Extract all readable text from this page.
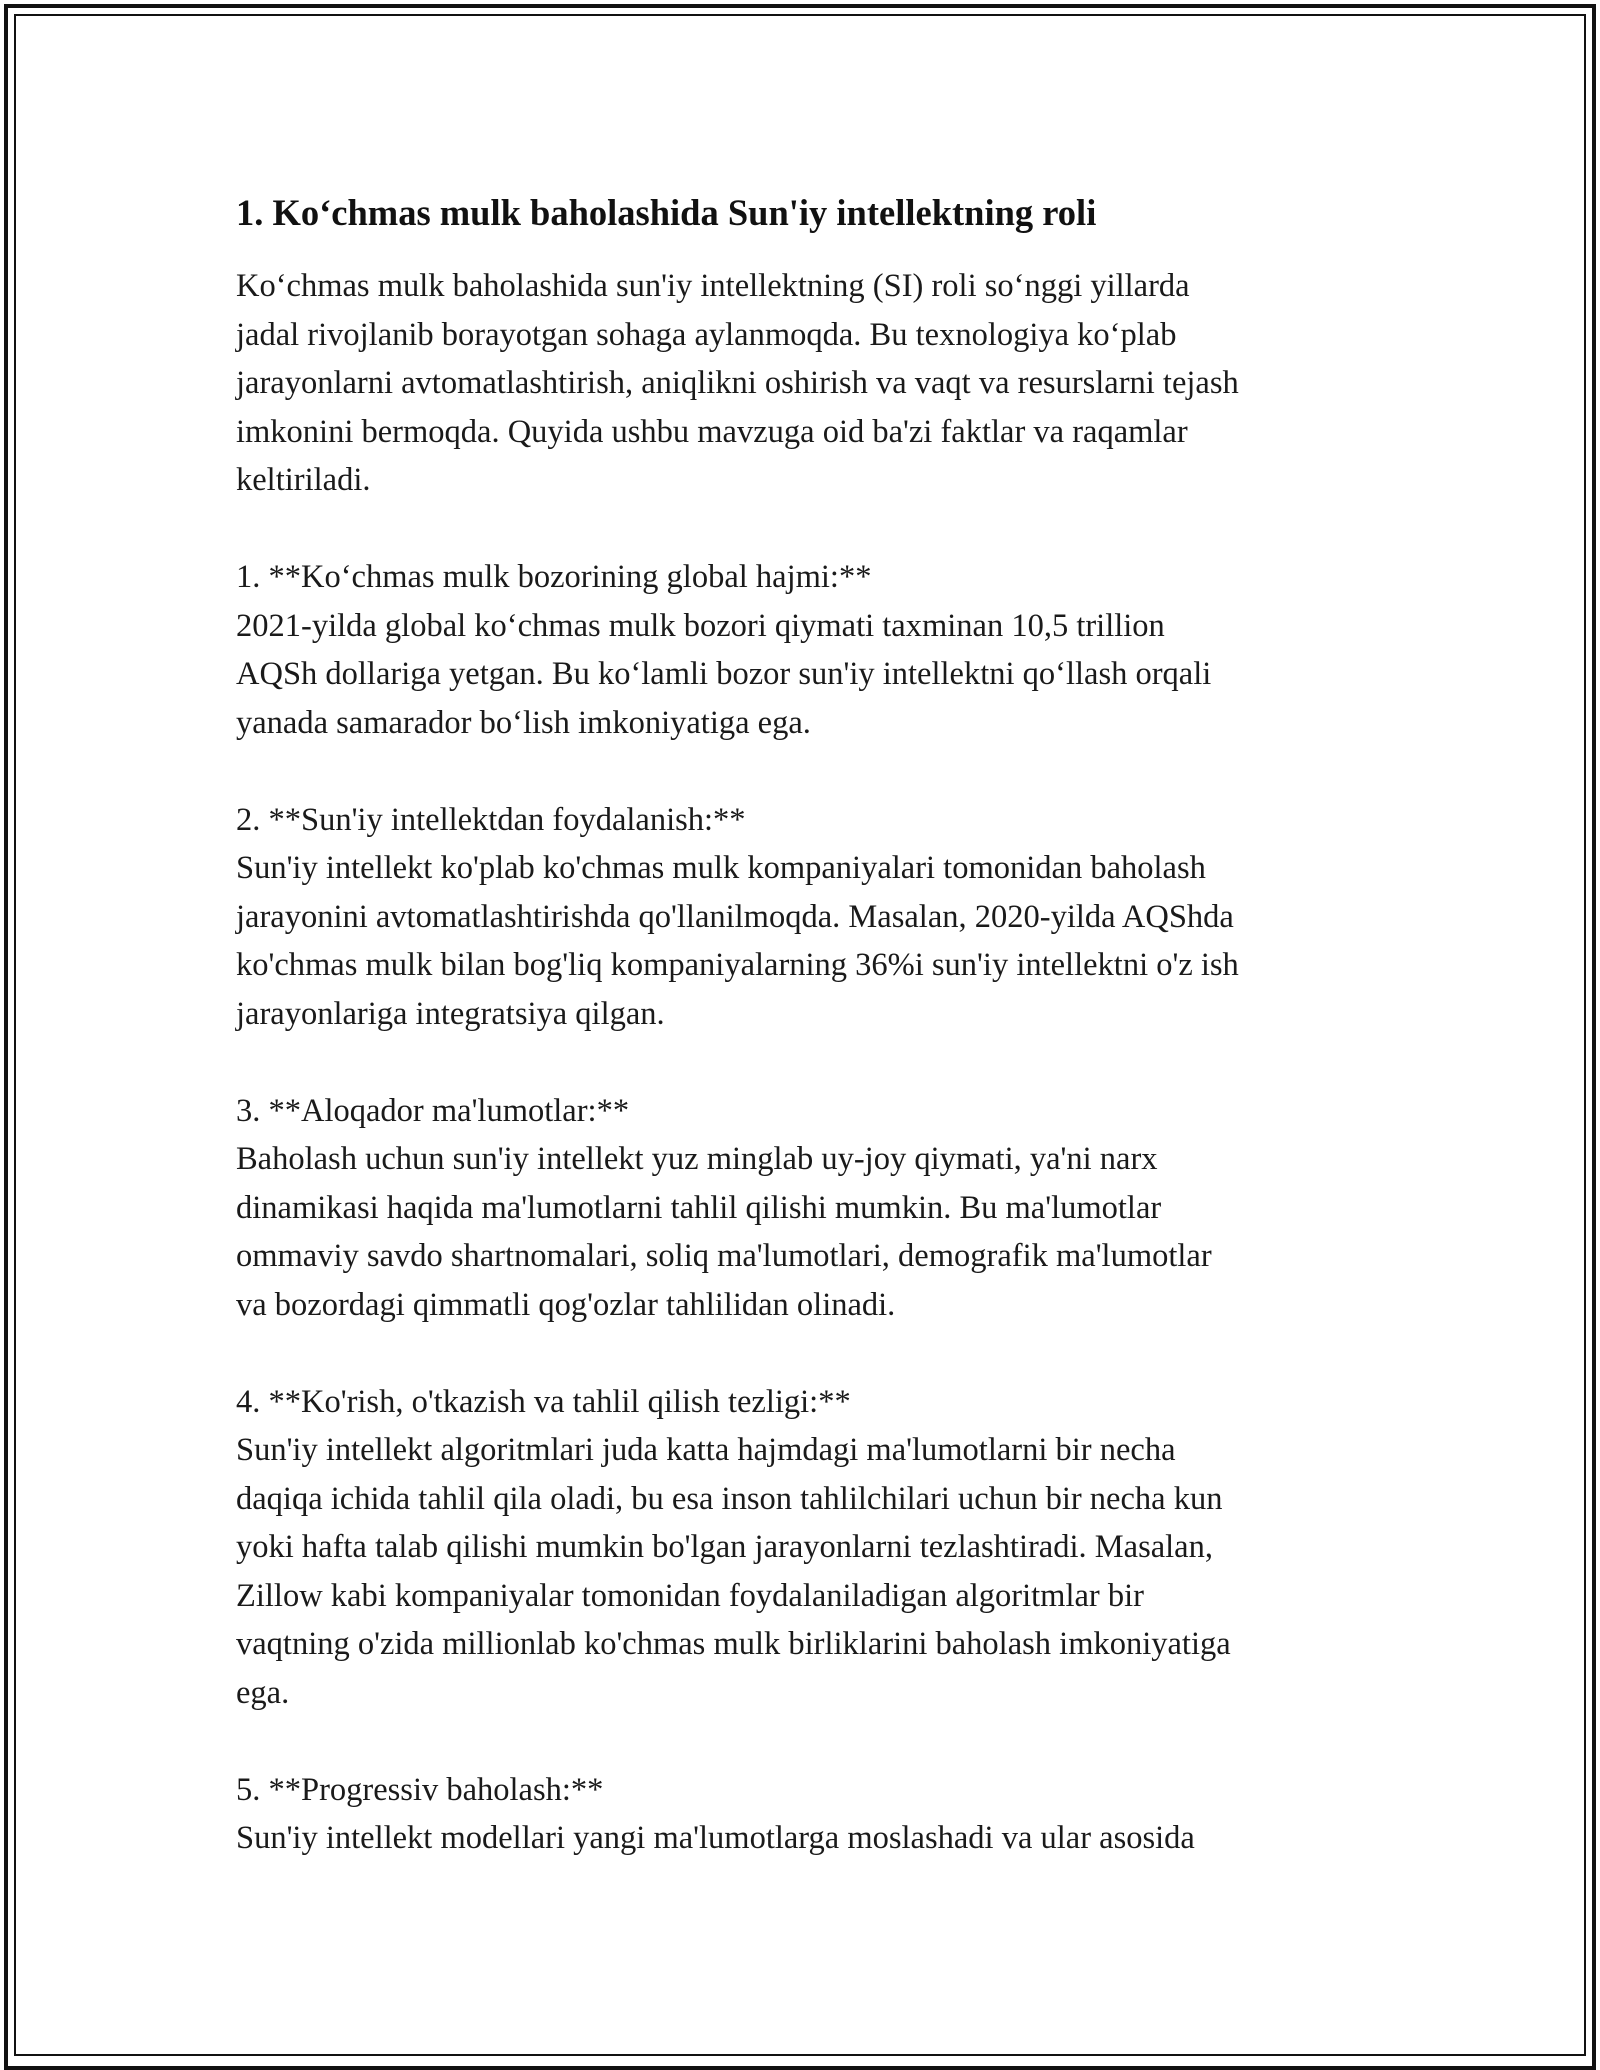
1. Ko‘chmas mulk baholashida Sun'iy intellektning roli

Ko‘chmas mulk baholashida sun'iy intellektning (SI) roli so‘nggi yillarda
jadal rivojlanib borayotgan sohaga aylanmoqda. Bu texnologiya ko‘plab
jarayonlarni avtomatlashtirish, aniqlikni oshirish va vaqt va resurslarni tejash
imkonini bermoqda. Quyida ushbu mavzuga oid ba'zi faktlar va raqamlar
keltiriladi.

1. **Ko‘chmas mulk bozorining global hajmi:**

2021-yilda global ko‘chmas mulk bozori qiymati taxminan 10,5 trillion
AQSh dollariga yetgan. Bu ko‘lamli bozor sun'iy intellektni qo‘llash orqali
yanada samarador bo‘lish imkoniyatiga ega.

2. **Sun'iy intellektdan foydalanish:**

Sun'iy intellekt ko'plab ko'chmas mulk kompaniyalari tomonidan baholash
jarayonini avtomatlashtirishda qo'llanilmoqda. Masalan, 2020-yilda AQShda
ko'chmas mulk bilan bog'liq kompaniyalarning 36%i sun'iy intellektni o'z ish
jarayonlariga integratsiya qilgan.

3. **Aloqador ma'lumotlar:**

Baholash uchun sun'iy intellekt yuz minglab uy-joy qiymati, ya'ni narx
dinamikasi haqida ma'lumotlarni tahlil qilishi mumkin. Bu ma'lumotlar
ommaviy savdo shartnomalari, soliq ma'lumotlari, demografik ma'lumotlar
va bozordagi qimmatli qog'ozlar tahlilidan olinadi.

4. **Ko'rish, o'tkazish va tahlil qilish tezligi:**

Sun'iy intellekt algoritmlari juda katta hajmdagi ma'lumotlarni bir necha
daqiqa ichida tahlil qila oladi, bu esa inson tahlilchilari uchun bir necha kun
yoki hafta talab qilishi mumkin bo'lgan jarayonlarni tezlashtiradi. Masalan,
Zillow kabi kompaniyalar tomonidan foydalaniladigan algoritmlar bir
vaqtning o'zida millionlab ko'chmas mulk birliklarini baholash imkoniyatiga
ega.

5. **Progressiv baholash:**

Sun'iy intellekt modellari yangi ma'lumotlarga moslashadi va ular asosida
